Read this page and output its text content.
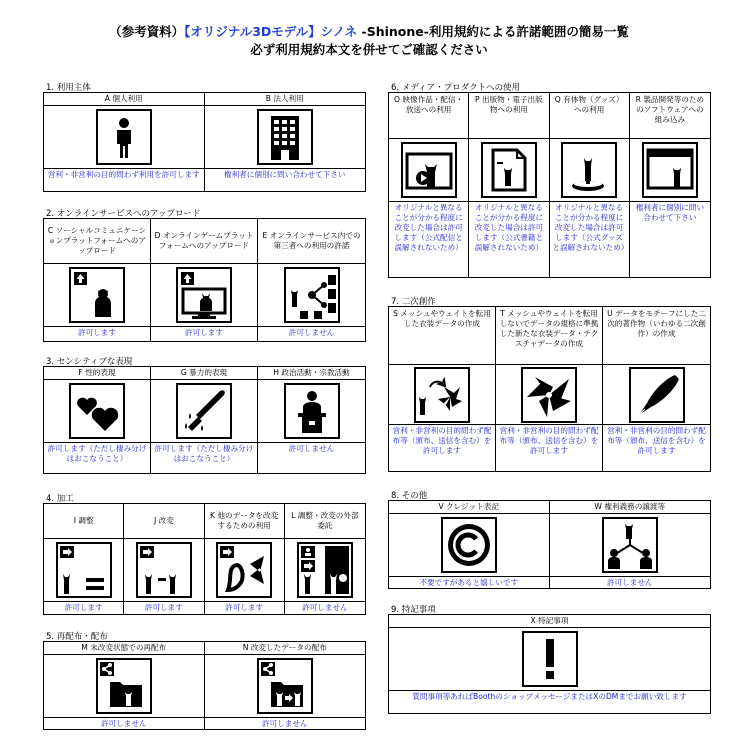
（参考資料）【オリジナル3Dモデル】シノネ -Shinone-利用規約による許諾範囲の簡易一覧
必ず利用規約本文を併せてご確認ください
1. 利用主体
A 個人利用
営利・非営利の目的問わず利用を許可します
B 法人利用
権利者に個別に問い合わせて下さい
2. オンラインサービスへのアップロード
C ソーシャルコミュニケーションプラットフォームへのアップロード
許可します
D オンラインゲームプラットフォームへのアップロード
許可します
E オンラインサービス内での第三者への利用の許諾
許可しません
3. センシティブな表現
F 性的表現
許可します（ただし棲み分けはおこなうこと）
G 暴力的表現
許可します（ただし棲み分けはおこなうこと）
H 政治活動・宗教活動
許可しません
4. 加工
I 調整
許可します
J 改変
許可します
K 他のデータを改変するための利用
許可します
L 調整・改変の外部委託
許可しません
5. 再配布・配布
M 未改変状態での再配布
許可しません
N 改変したデータの配布
許可しません
6. メディア・プロダクトへの使用
O 映像作品・配信・放送への利用
オリジナルと異なることが分かる程度に改変した場合は許可します（公式配信と誤解されないため）
P 出版物・電子出版物への利用
オリジナルと異なることが分かる程度に改変した場合は許可します（公式書籍と誤解されないため）
Q 有体物（グッズ）への利用
オリジナルと異なることが分かる程度に改変した場合は許可します（公式グッズと誤解されないため）
R 製品開発等のためのソフトウェアへの組み込み
権利者に個別に問い合わせて下さい
7. 二次創作
S メッシュやウェイトを転用した衣装データの作成
営利・非営利の目的問わず配布等（頒布、送信を含む）を許可します
T メッシュやウェイトを転用しないでデータの規格に準拠した新たな衣装データ・テクスチャデータの作成
営利・非営利の目的問わず配布等（頒布、送信を含む）を許可します
U データをモチーフにした二次的著作物（いわゆる二次創作）の作成
営利・非営利の目的問わず配布等（頒布、送信を含む）を許可します
8. その他
V クレジット表記
不要ですがあると嬉しいです
W 権利義務の譲渡等
許可しません
9. 特記事項
X 特記事項
質問事項等あればBoothのショップメッセージまたはXのDMまでお願い致します
